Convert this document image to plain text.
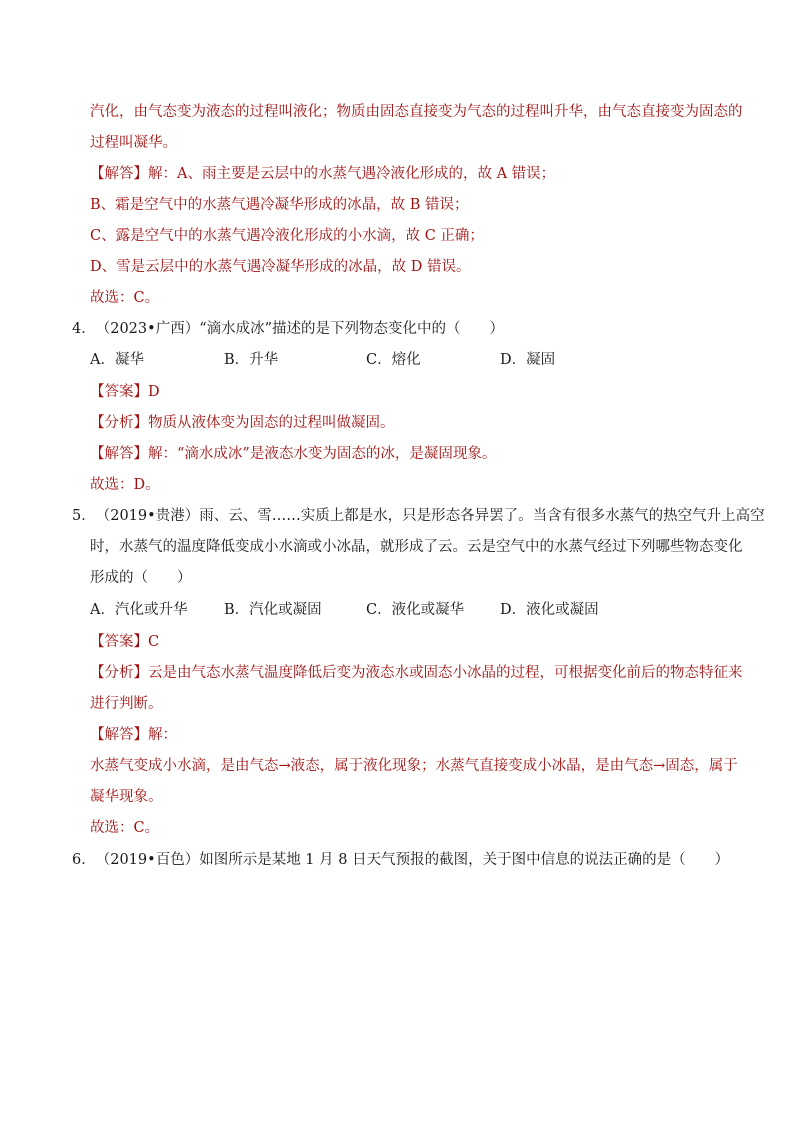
汽化，由气态变为液态的过程叫液化；物质由固态直接变为气态的过程叫升华，由气态直接变为固态的
过程叫凝华。
【解答】解：A、雨主要是云层中的水蒸气遇冷液化形成的，故 A 错误；
B、霜是空气中的水蒸气遇冷凝华形成的冰晶，故 B 错误；
C、露是空气中的水蒸气遇冷液化形成的小水滴，故 C 正确；
D、雪是云层中的水蒸气遇冷凝华形成的冰晶，故 D 错误。
故选：C。
4．（2023•广西）“滴水成冰”描述的是下列物态变化中的（　　）
A．凝华	B．升华	C．熔化	D．凝固
【答案】D
【分析】物质从液体变为固态的过程叫做凝固。
【解答】解：“滴水成冰”是液态水变为固态的冰，是凝固现象。
故选：D。
5．（2019•贵港）雨、云、雪……实质上都是水，只是形态各异罢了。当含有很多水蒸气的热空气升上高空
时，水蒸气的温度降低变成小水滴或小冰晶，就形成了云。云是空气中的水蒸气经过下列哪些物态变化
形成的（　　）
A．汽化或升华	B．汽化或凝固	C．液化或凝华 D．液化或凝固
【答案】C
【分析】云是由气态水蒸气温度降低后变为液态水或固态小冰晶的过程，可根据变化前后的物态特征来
进行判断。
【解答】解：
水蒸气变成小水滴，是由气态→液态，属于液化现象；水蒸气直接变成小冰晶，是由气态→固态，属于
凝华现象。
故选：C。
6．（2019•百色）如图所示是某地 1 月 8 日天气预报的截图，关于图中信息的说法正确的是（　　）
